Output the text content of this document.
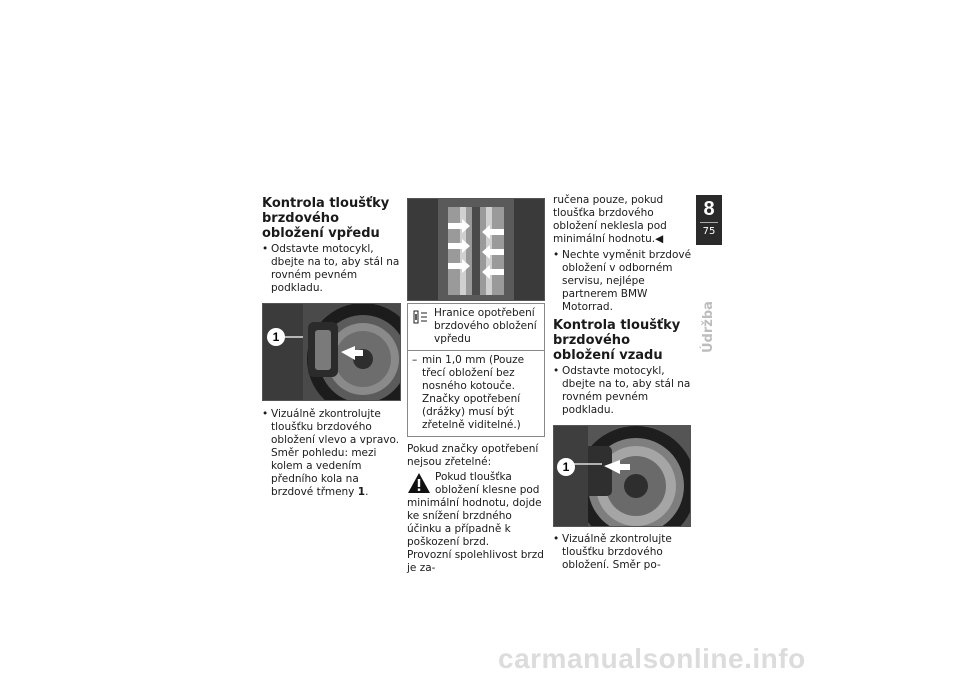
Kontrola tloušťky brzdového obložení vpředu

• Odstavte motocykl, dbejte na to, aby stál na rovném pevném podkladu.

1

• Vizuálně zkontrolujte tloušťku brzdového obložení vlevo a vpravo. Směr pohledu: mezi kolem a vedením předního kola na brzdové třmeny 1.

Hranice opotřebení brzdového obložení vpředu
– min 1,0 mm (Pouze třecí obložení bez nosného kotouče. Značky opotřebení (drážky) musí být zřetelně viditelné.)

Pokud značky opotřebení nejsou zřetelné:

Pokud tloušťka obložení klesne pod minimální hodnotu, dojde ke snížení brzdného účinku a případně k poškození brzd.

Provozní spolehlivost brzd je za-

ručena pouze, pokud tloušťka brzdového obložení neklesla pod minimální hodnotu.◀

• Nechte vyměnit brzdové obložení v odborném servisu, nejlépe partnerem BMW Motorrad.

Kontrola tloušťky brzdového obložení vzadu

• Odstavte motocykl, dbejte na to, aby stál na rovném pevném podkladu.

1

• Vizuálně zkontrolujte tloušťku brzdového obložení. Směr po-

8
75
Údržba
carmanualsonline.info
